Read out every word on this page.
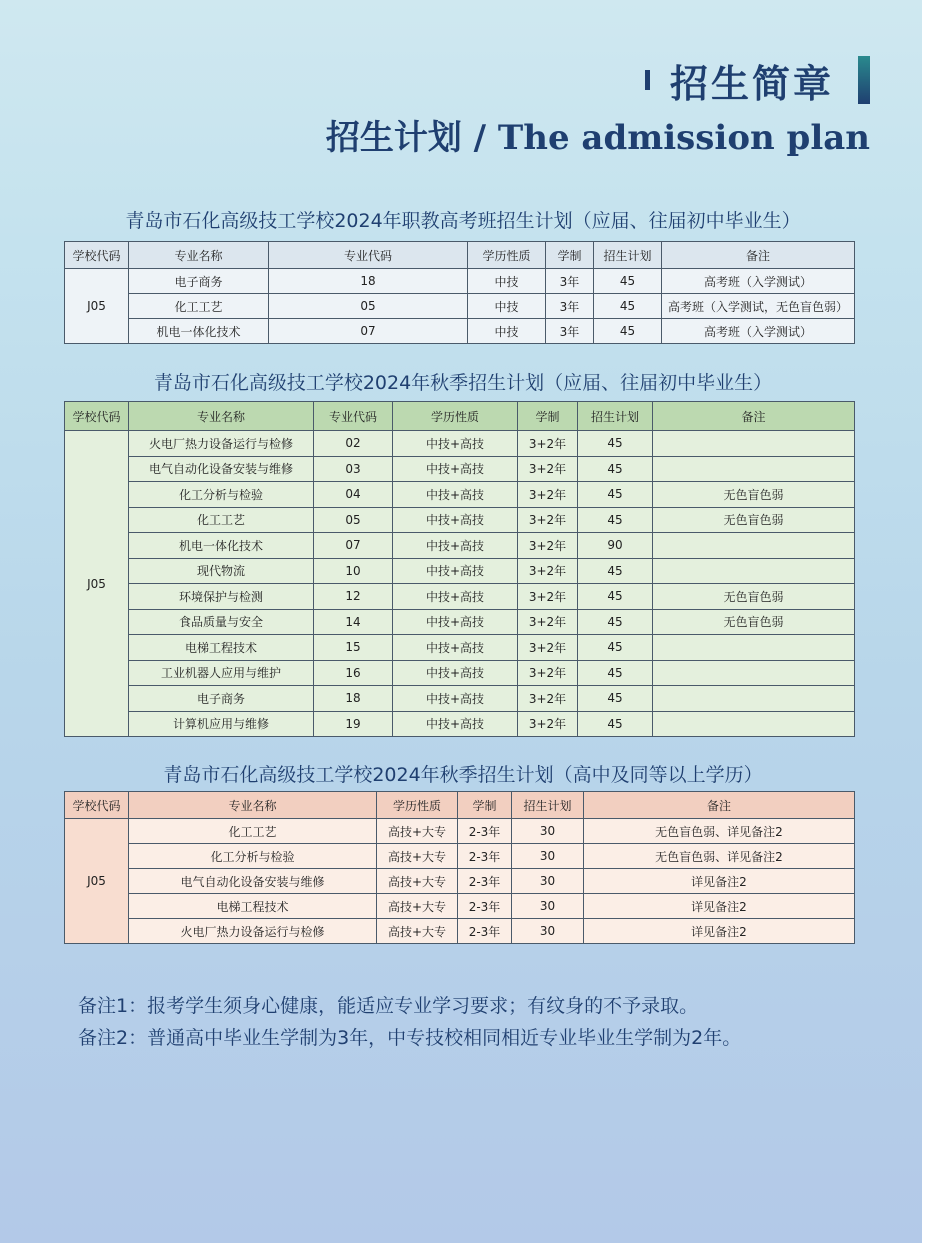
招生简章
招生计划 / The admission plan
青岛市石化高级技工学校2024年职教高考班招生计划（应届、往届初中毕业生）
学校代码	专业名称	专业代码	学历性质	学制	招生计划	备注
J05	电子商务	18	中技	3年	45	高考班（入学测试）
	化工工艺	05	中技	3年	45	高考班（入学测试，无色盲色弱）
	机电一体化技术	07	中技	3年	45	高考班（入学测试）
青岛市石化高级技工学校2024年秋季招生计划（应届、往届初中毕业生）
学校代码	专业名称	专业代码	学历性质	学制	招生计划	备注
J05	火电厂热力设备运行与检修	02	中技+高技	3+2年	45	
	电气自动化设备安装与维修	03	中技+高技	3+2年	45	
	化工分析与检验	04	中技+高技	3+2年	45	无色盲色弱
	化工工艺	05	中技+高技	3+2年	45	无色盲色弱
	机电一体化技术	07	中技+高技	3+2年	90	
	现代物流	10	中技+高技	3+2年	45	
	环境保护与检测	12	中技+高技	3+2年	45	无色盲色弱
	食品质量与安全	14	中技+高技	3+2年	45	无色盲色弱
	电梯工程技术	15	中技+高技	3+2年	45	
	工业机器人应用与维护	16	中技+高技	3+2年	45	
	电子商务	18	中技+高技	3+2年	45	
	计算机应用与维修	19	中技+高技	3+2年	45	
青岛市石化高级技工学校2024年秋季招生计划（高中及同等以上学历）
学校代码	专业名称	学历性质	学制	招生计划	备注
J05	化工工艺	高技+大专	2-3年	30	无色盲色弱、详见备注2
	化工分析与检验	高技+大专	2-3年	30	无色盲色弱、详见备注2
	电气自动化设备安装与维修	高技+大专	2-3年	30	详见备注2
	电梯工程技术	高技+大专	2-3年	30	详见备注2
	火电厂热力设备运行与检修	高技+大专	2-3年	30	详见备注2
备注1：报考学生须身心健康，能适应专业学习要求；有纹身的不予录取。
备注2：普通高中毕业生学制为3年，中专技校相同相近专业毕业生学制为2年。
